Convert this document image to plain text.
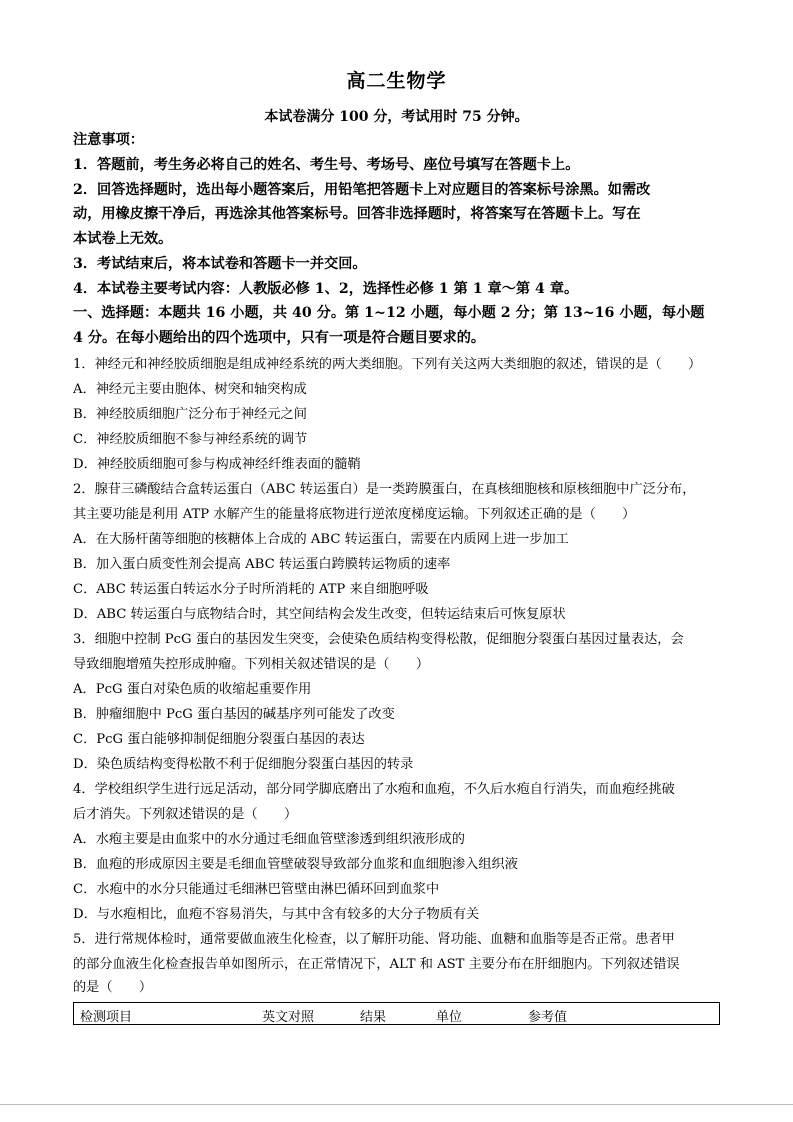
高二生物学
本试卷满分 100 分，考试用时 75 分钟。
注意事项：
1．答题前，考生务必将自己的姓名、考生号、考场号、座位号填写在答题卡上。
2．回答选择题时，选出每小题答案后，用铅笔把答题卡上对应题目的答案标号涂黑。如需改
动，用橡皮擦干净后，再选涂其他答案标号。回答非选择题时，将答案写在答题卡上。写在
本试卷上无效。
3．考试结束后，将本试卷和答题卡一并交回。
4．本试卷主要考试内容：人教版必修 1、2，选择性必修 1 第 1 章～第 4 章。
一、选择题：本题共 16 小题，共 40 分。第 1~12 小题，每小题 2 分；第 13~16 小题，每小题
4 分。在每小题给出的四个选项中，只有一项是符合题目要求的。
1．神经元和神经胶质细胞是组成神经系统的两大类细胞。下列有关这两大类细胞的叙述，错误的是（　　）
A．神经元主要由胞体、树突和轴突构成
B．神经胶质细胞广泛分布于神经元之间
C．神经胶质细胞不参与神经系统的调节
D．神经胶质细胞可参与构成神经纤维表面的髓鞘
2．腺苷三磷酸结合盒转运蛋白（ABC 转运蛋白）是一类跨膜蛋白，在真核细胞核和原核细胞中广泛分布，
其主要功能是利用 ATP 水解产生的能量将底物进行逆浓度梯度运输。下列叙述正确的是（　　）
A．在大肠杆菌等细胞的核糖体上合成的 ABC 转运蛋白，需要在内质网上进一步加工
B．加入蛋白质变性剂会提高 ABC 转运蛋白跨膜转运物质的速率
C．ABC 转运蛋白转运水分子时所消耗的 ATP 来自细胞呼吸
D．ABC 转运蛋白与底物结合时，其空间结构会发生改变，但转运结束后可恢复原状
3．细胞中控制 PcG 蛋白的基因发生突变，会使染色质结构变得松散，促细胞分裂蛋白基因过量表达，会
导致细胞增殖失控形成肿瘤。下列相关叙述错误的是（　　）
A．PcG 蛋白对染色质的收缩起重要作用
B．肿瘤细胞中 PcG 蛋白基因的碱基序列可能发了改变
C．PcG 蛋白能够抑制促细胞分裂蛋白基因的表达
D．染色质结构变得松散不利于促细胞分裂蛋白基因的转录
4．学校组织学生进行远足活动，部分同学脚底磨出了水疱和血疱，不久后水疱自行消失，而血疱经挑破
后才消失。下列叙述错误的是（　　）
A．水疱主要是由血浆中的水分通过毛细血管壁渗透到组织液形成的
B．血疱的形成原因主要是毛细血管壁破裂导致部分血浆和血细胞渗入组织液
C．水疱中的水分只能通过毛细淋巴管壁由淋巴循环回到血浆中
D．与水疱相比，血疱不容易消失，与其中含有较多的大分子物质有关
5．进行常规体检时，通常要做血液生化检查，以了解肝功能、肾功能、血糖和血脂等是否正常。患者甲
的部分血液生化检查报告单如图所示，在正常情况下，ALT 和 AST 主要分布在肝细胞内。下列叙述错误
的是（　　）
检测项目	英文对照	结果	单位	参考值
